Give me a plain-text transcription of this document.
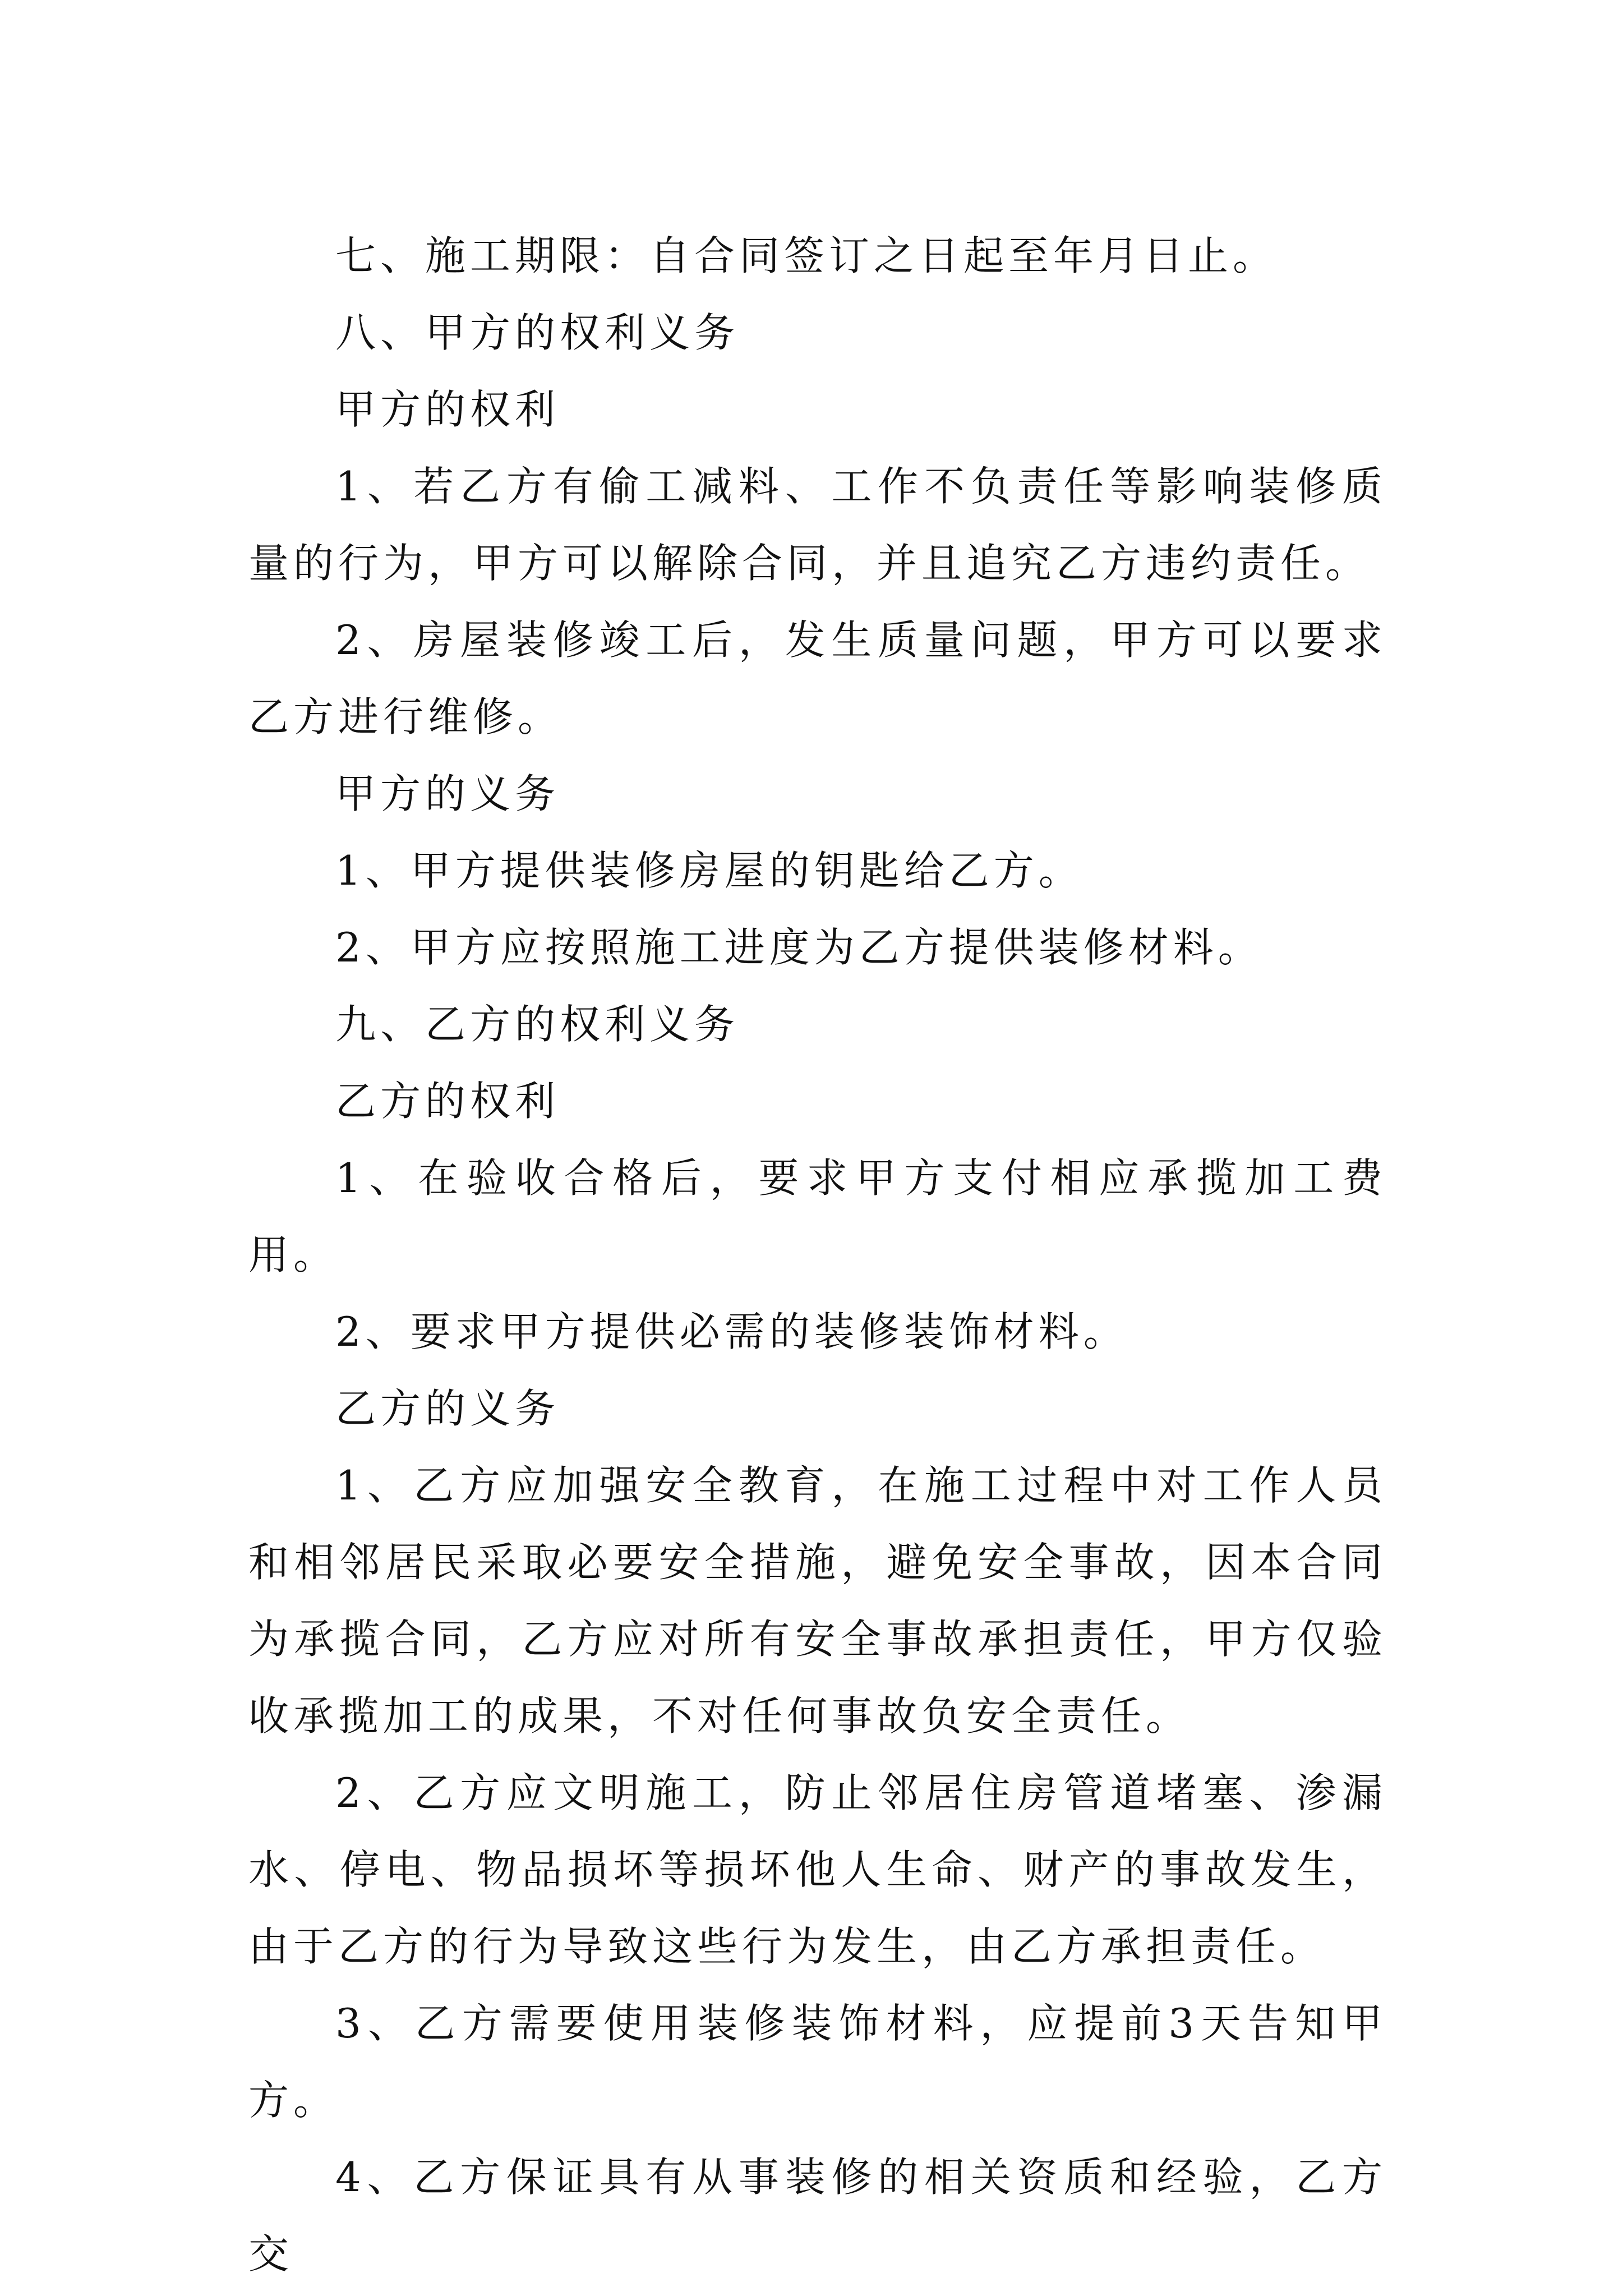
七、施工期限：自合同签订之日起至年月日止。

八、甲方的权利义务

甲方的权利

1、若乙方有偷工减料、工作不负责任等影响装修质量的行为，甲方可以解除合同，并且追究乙方违约责任。

2、房屋装修竣工后，发生质量问题，甲方可以要求乙方进行维修。

甲方的义务

1、甲方提供装修房屋的钥匙给乙方。

2、甲方应按照施工进度为乙方提供装修材料。

九、乙方的权利义务

乙方的权利

1、在验收合格后，要求甲方支付相应承揽加工费用。

2、要求甲方提供必需的装修装饰材料。

乙方的义务

1、乙方应加强安全教育，在施工过程中对工作人员和相邻居民采取必要安全措施，避免安全事故，因本合同为承揽合同，乙方应对所有安全事故承担责任，甲方仅验收承揽加工的成果，不对任何事故负安全责任。

2、乙方应文明施工，防止邻居住房管道堵塞、渗漏水、停电、物品损坏等损坏他人生命、财产的事故发生，由于乙方的行为导致这些行为发生，由乙方承担责任。

3、乙方需要使用装修装饰材料，应提前3天告知甲方。

4、乙方保证具有从事装修的相关资质和经验，乙方交
